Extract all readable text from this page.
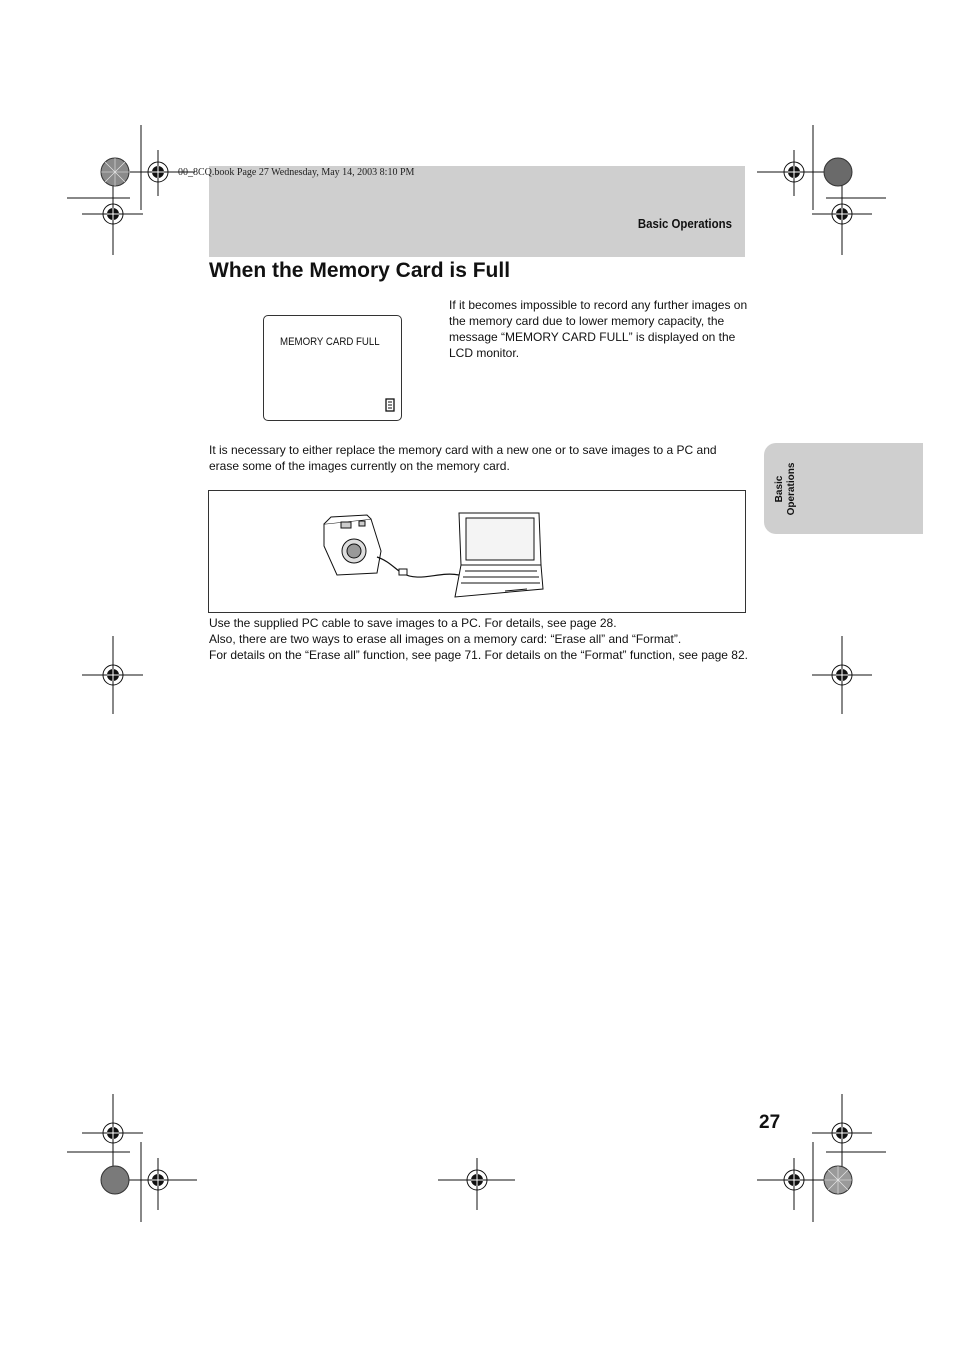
00_8CQ.book Page 27 Wednesday, May 14, 2003 8:10 PM
Basic Operations
When the Memory Card is Full
MEMORY CARD FULL
If it becomes impossible to record any further images on the memory card due to lower memory capacity, the message “MEMORY CARD FULL” is displayed on the LCD monitor.
It is necessary to either replace the memory card with a new one or to save images to a PC and erase some of the images currently on the memory card.
Use the supplied PC cable to save images to a PC. For details, see page 28.
Also, there are two ways to erase all images on a memory card: “Erase all” and “Format”.
For details on the “Erase all” function, see page 71. For details on the “Format” function, see page 82.
Basic Operations
27
